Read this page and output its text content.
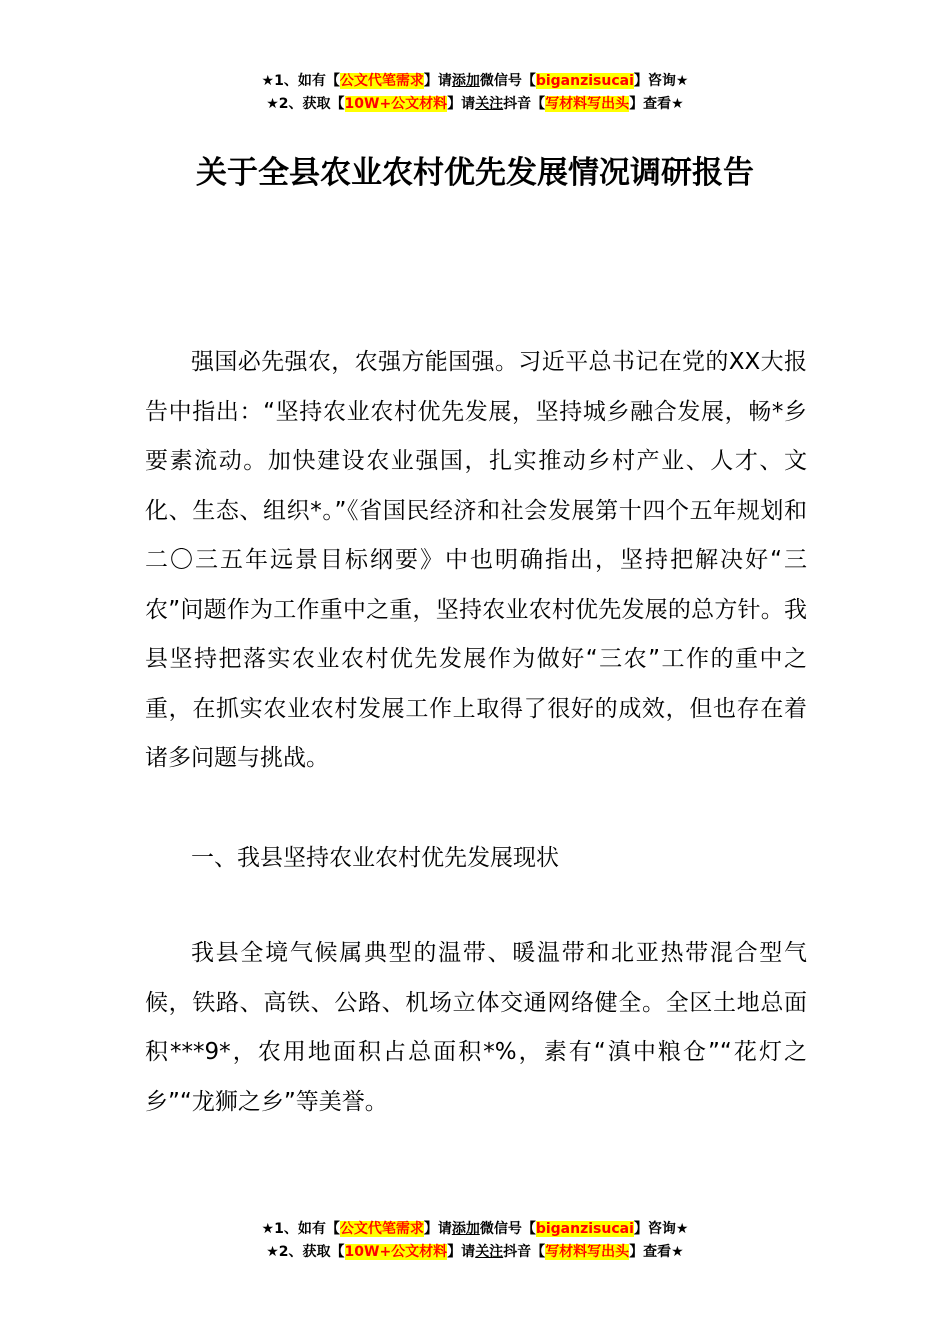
★1、如有【公文代笔需求】请添加微信号【biganzisucai】咨询★
★2、获取【10W+公文材料】请关注抖音【写材料写出头】查看★
关于全县农业农村优先发展情况调研报告

强国必先强农，农强方能国强。习近平总书记在党的XX大报告中指出：“坚持农业农村优先发展，坚持城乡融合发展，畅*乡要素流动。加快建设农业强国，扎实推动乡村产业、人才、文化、生态、组织*。”《省国民经济和社会发展第十四个五年规划和二〇三五年远景目标纲要》中也明确指出，坚持把解决好“三农”问题作为工作重中之重，坚持农业农村优先发展的总方针。我县坚持把落实农业农村优先发展作为做好“三农”工作的重中之重，在抓实农业农村发展工作上取得了很好的成效，但也存在着诸多问题与挑战。

一、我县坚持农业农村优先发展现状

我县全境气候属典型的温带、暖温带和北亚热带混合型气候，铁路、高铁、公路、机场立体交通网络健全。全区土地总面积***9*，农用地面积占总面积*%，素有“滇中粮仓”“花灯之乡”“龙狮之乡”等美誉。

★1、如有【公文代笔需求】请添加微信号【biganzisucai】咨询★
★2、获取【10W+公文材料】请关注抖音【写材料写出头】查看★
